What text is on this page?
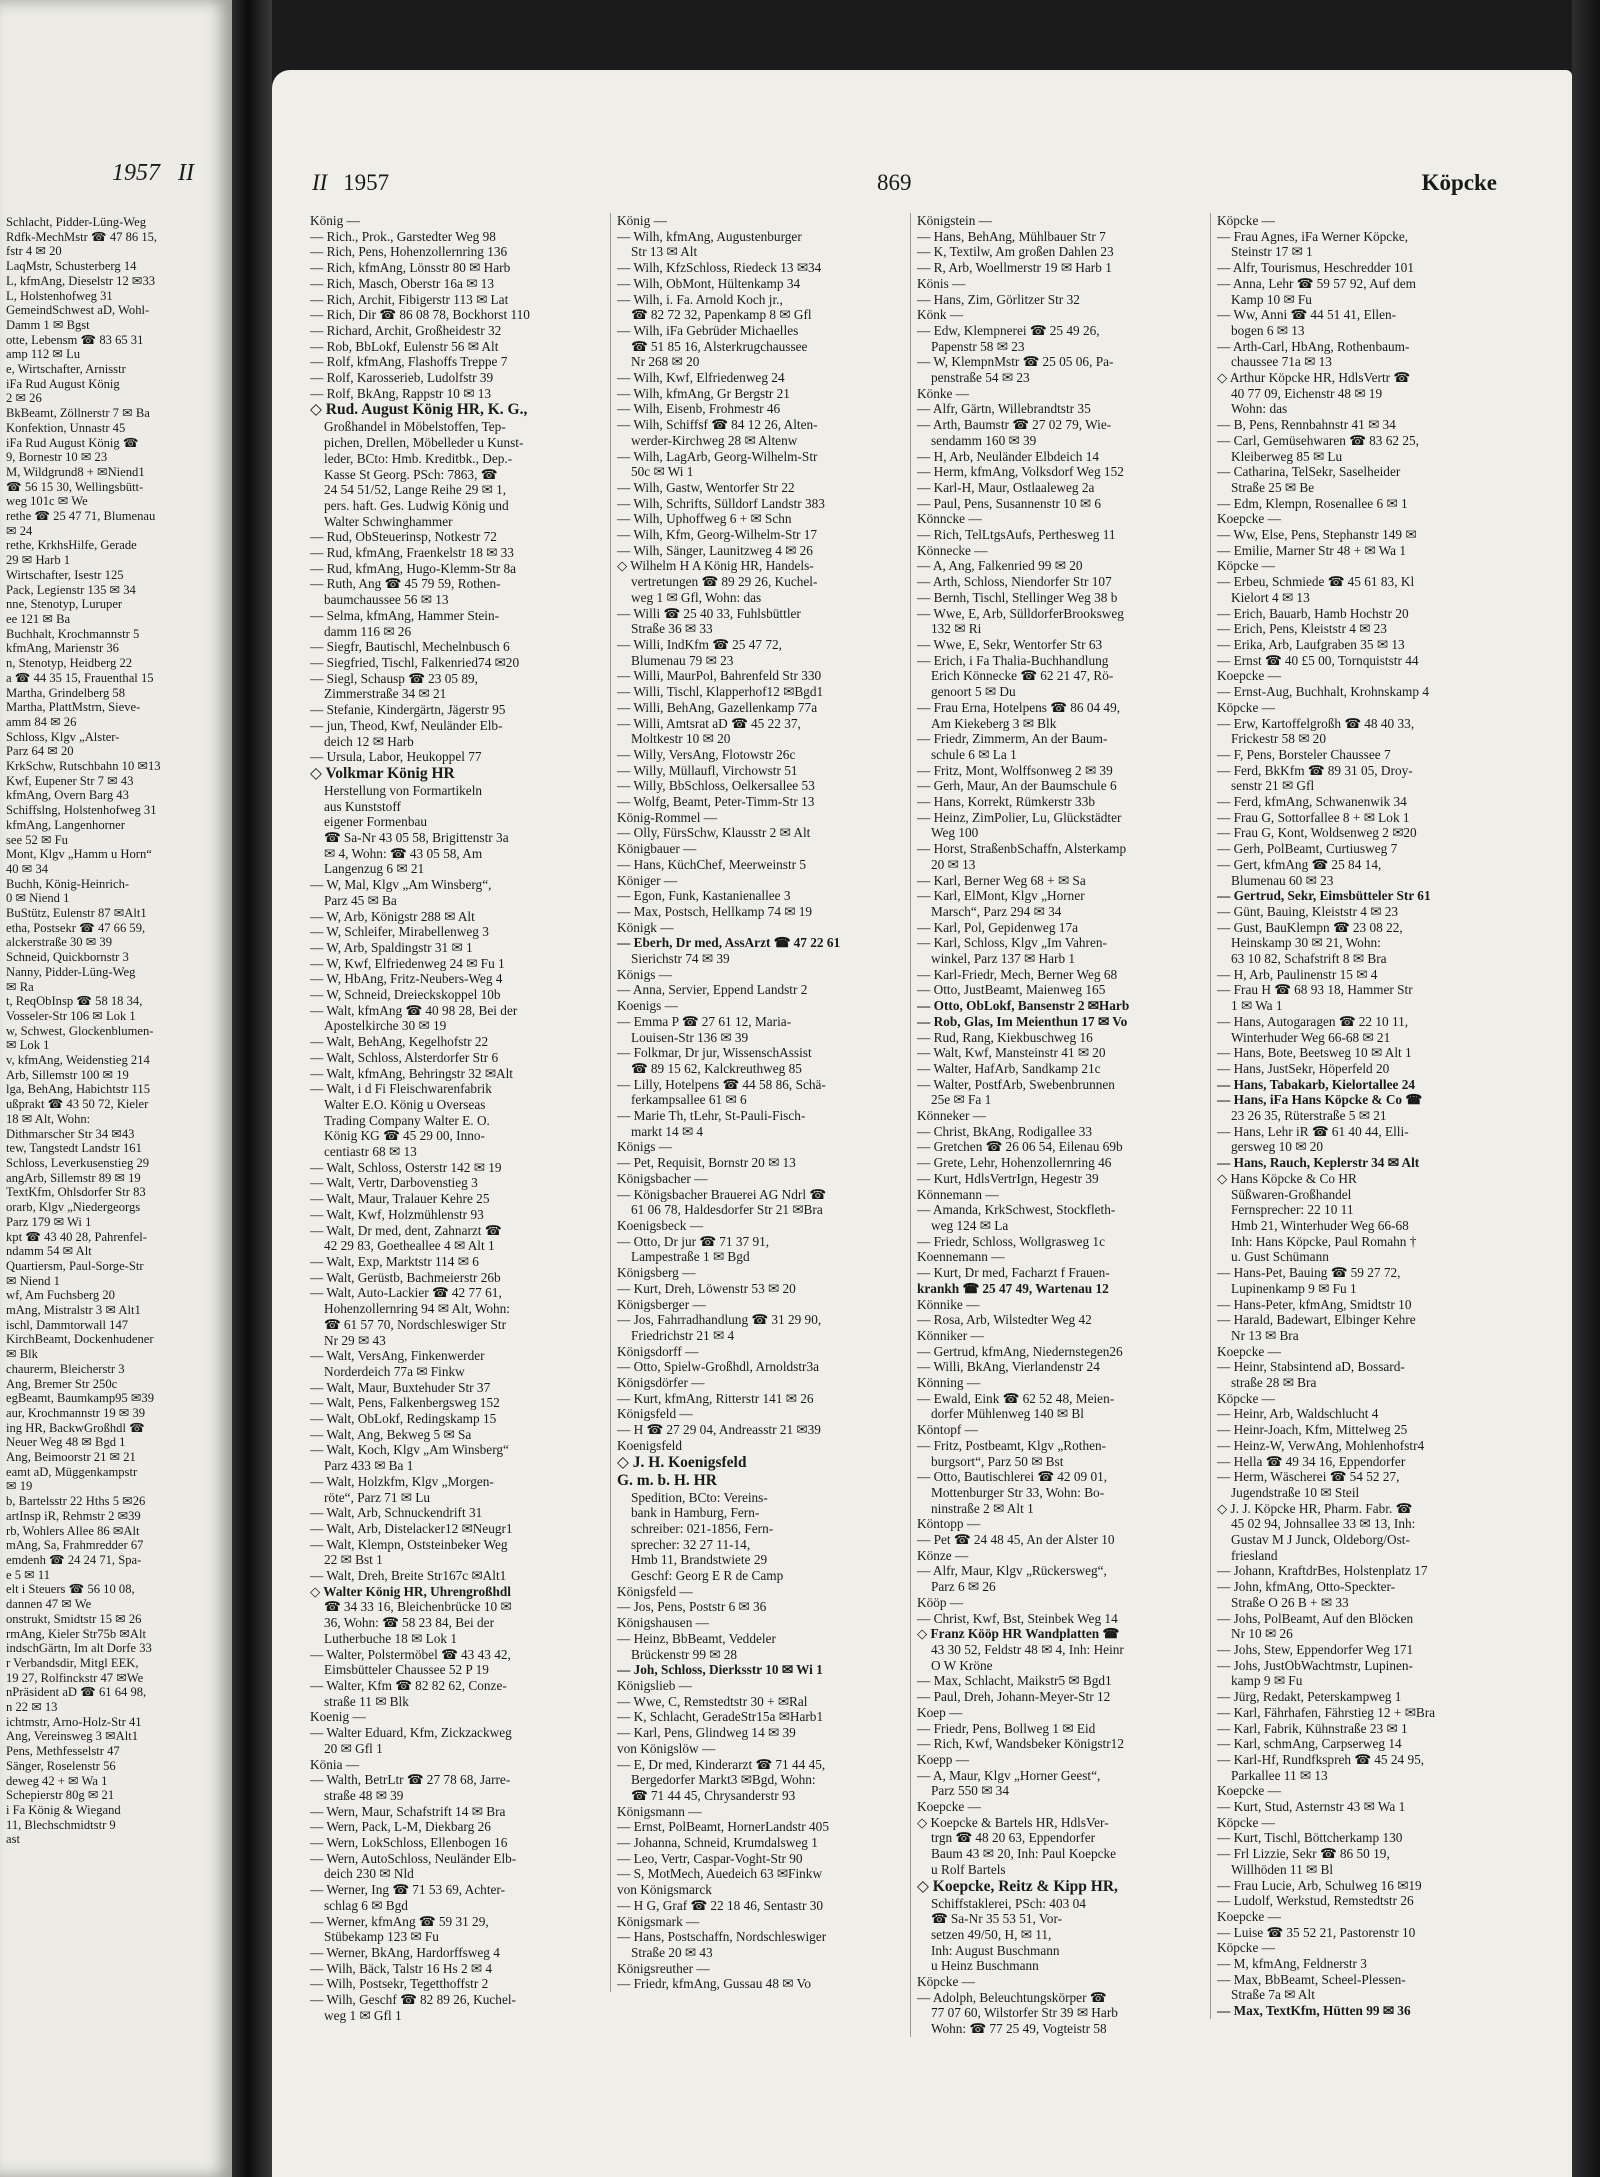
1957 II
Schlacht, Pidder-Lüng-Weg
Rdfk-MechMstr ☎ 47 86 15,
fstr 4 ✉ 20
LaqMstr, Schusterberg 14
L, kfmAng, Dieselstr 12 ✉33
L, Holstenhofweg 31
GemeindSchwest aD, Wohl-
Damm 1 ✉ Bgst
otte, Lebensm ☎ 83 65 31
amp 112 ✉ Lu
e, Wirtschafter, Arnisstr
iFa Rud August König
2 ✉ 26
BkBeamt, Zöllnerstr 7 ✉ Ba
Konfektion, Unnastr 45
iFa Rud August König ☎
9, Bornestr 10 ✉ 23
M, Wildgrund8 + ✉Niend1
☎ 56 15 30, Wellingsbütt-
weg 101c ✉ We
rethe ☎ 25 47 71, Blumenau
✉ 24
rethe, KrkhsHilfe, Gerade
29 ✉ Harb 1
Wirtschafter, Isestr 125
Pack, Legienstr 135 ✉ 34
nne, Stenotyp, Luruper
ee 121 ✉ Ba
Buchhalt, Krochmannstr 5
kfmAng, Marienstr 36
n, Stenotyp, Heidberg 22
a ☎ 44 35 15, Frauenthal 15
Martha, Grindelberg 58
Martha, PlattMstrn, Sieve-
amm 84 ✉ 26
Schloss, Klgv „Alster-
Parz 64 ✉ 20
KrkSchw, Rutschbahn 10 ✉13
Kwf, Eupener Str 7 ✉ 43
kfmAng, Overn Barg 43
Schiffslng, Holstenhofweg 31
kfmAng, Langenhorner
see 52 ✉ Fu
Mont, Klgv „Hamm u Horn“
40 ✉ 34
Buchh, König-Heinrich-
0 ✉ Niend 1
BuStütz, Eulenstr 87 ✉Alt1
etha, Postsekr ☎ 47 66 59,
alckerstraße 30 ✉ 39
Schneid, Quickbornstr 3
Nanny, Pidder-Lüng-Weg
✉ Ra
t, ReqObInsp ☎ 58 18 34,
Vosseler-Str 106 ✉ Lok 1
w, Schwest, Glockenblumen-
✉ Lok 1
v, kfmAng, Weidenstieg 214
Arb, Sillemstr 100 ✉ 19
lga, BehAng, Habichtstr 115
ußprakt ☎ 43 50 72, Kieler
18 ✉ Alt, Wohn:
Dithmarscher Str 34 ✉43
tew, Tangstedt Landstr 161
Schloss, Leverkusenstieg 29
angArb, Sillemstr 89 ✉ 19
TextKfm, Ohlsdorfer Str 83
orarb, Klgv „Niedergeorgs
Parz 179 ✉ Wi 1
kpt ☎ 43 40 28, Pahrenfel-
ndamm 54 ✉ Alt
Quartiersm, Paul-Sorge-Str
✉ Niend 1
wf, Am Fuchsberg 20
mAng, Mistralstr 3 ✉ Alt1
ischl, Dammtorwall 147
KirchBeamt, Dockenhudener
✉ Blk
chaurerm, Bleicherstr 3
Ang, Bremer Str 250c
egBeamt, Baumkamp95 ✉39
aur, Krochmannstr 19 ✉ 39
ing HR, BackwGroßhdl ☎
Neuer Weg 48 ✉ Bgd 1
Ang, Beimoorstr 21 ✉ 21
eamt aD, Müggenkampstr
✉ 19
b, Bartelsstr 22 Hths 5 ✉26
artInsp iR, Rehmstr 2 ✉39
rb, Wohlers Allee 86 ✉Alt
mAng, Sa, Frahmredder 67
emdenh ☎ 24 24 71, Spa-
e 5 ✉ 11
elt i Steuers ☎ 56 10 08,
dannen 47 ✉ We
onstrukt, Smidtstr 15 ✉ 26
rmAng, Kieler Str75b ✉Alt
indschGärtn, Im alt Dorfe 33
r Verbandsdir, Mitgl EEK,
19 27, Rolfinckstr 47 ✉We
nPräsident aD ☎ 61 64 98,
n 22 ✉ 13
ichtmstr, Arno-Holz-Str 41
Ang, Vereinsweg 3 ✉Alt1
Pens, Methfesselstr 47
Sänger, Roselenstr 56
deweg 42 + ✉ Wa 1
Schepierstr 80g ✉ 21
i Fa König & Wiegand
11, Blechschmidtstr 9
ast
II 1957	869	Köpcke
König —
— Rich., Prok., Garstedter Weg 98
— Rich, Pens, Hohenzollernring 136
— Rich, kfmAng, Lönsstr 80 ✉ Harb
— Rich, Masch, Oberstr 16a ✉ 13
— Rich, Archit, Fibigerstr 113 ✉ Lat
— Rich, Dir ☎ 86 08 78, Bockhorst 110
— Richard, Archit, Großheidestr 32
— Rob, BbLokf, Eulenstr 56 ✉ Alt
— Rolf, kfmAng, Flashoffs Treppe 7
— Rolf, Karosserieb, Ludolfstr 39
— Rolf, BkAng, Rappstr 10 ✉ 13
◇ Rud. August König HR, K. G.,
Großhandel in Möbelstoffen, Tep-
pichen, Drellen, Möbelleder u Kunst-
leder, BCto: Hmb. Kreditbk., Dep.-
Kasse St Georg. PSch: 7863, ☎
24 54 51/52, Lange Reihe 29 ✉ 1,
pers. haft. Ges. Ludwig König und
Walter Schwinghammer
— Rud, ObSteuerinsp, Notkestr 72
— Rud, kfmAng, Fraenkelstr 18 ✉ 33
— Rud, kfmAng, Hugo-Klemm-Str 8a
— Ruth, Ang ☎ 45 79 59, Rothen-
baumchaussee 56 ✉ 13
— Selma, kfmAng, Hammer Stein-
damm 116 ✉ 26
— Siegfr, Bautischl, Mechelnbusch 6
— Siegfried, Tischl, Falkenried74 ✉20
— Siegl, Schausp ☎ 23 05 89,
Zimmerstraße 34 ✉ 21
— Stefanie, Kindergärtn, Jägerstr 95
— jun, Theod, Kwf, Neuländer Elb-
deich 12 ✉ Harb
— Ursula, Labor, Heukoppel 77
◇ Volkmar König HR
Herstellung von Formartikeln
aus Kunststoff
eigener Formenbau
☎ Sa-Nr 43 05 58, Brigittenstr 3a
✉ 4, Wohn: ☎ 43 05 58, Am
Langenzug 6 ✉ 21
— W, Mal, Klgv „Am Winsberg“,
Parz 45 ✉ Ba
— W, Arb, Königstr 288 ✉ Alt
— W, Schleifer, Mirabellenweg 3
— W, Arb, Spaldingstr 31 ✉ 1
— W, Kwf, Elfriedenweg 24 ✉ Fu 1
— W, HbAng, Fritz-Neubers-Weg 4
— W, Schneid, Dreieckskoppel 10b
— Walt, kfmAng ☎ 40 98 28, Bei der
Apostelkirche 30 ✉ 19
— Walt, BehAng, Kegelhofstr 22
— Walt, Schloss, Alsterdorfer Str 6
— Walt, kfmAng, Behringstr 32 ✉Alt
— Walt, i d Fi Fleischwarenfabrik
Walter E.O. König u Overseas
Trading Company Walter E. O.
König KG ☎ 45 29 00, Inno-
centiastr 68 ✉ 13
— Walt, Schloss, Osterstr 142 ✉ 19
— Walt, Vertr, Darbovenstieg 3
— Walt, Maur, Tralauer Kehre 25
— Walt, Kwf, Holzmühlenstr 93
— Walt, Dr med, dent, Zahnarzt ☎
42 29 83, Goetheallee 4 ✉ Alt 1
— Walt, Exp, Marktstr 114 ✉ 6
— Walt, Gerüstb, Bachmeierstr 26b
— Walt, Auto-Lackier ☎ 42 77 61,
Hohenzollernring 94 ✉ Alt, Wohn:
☎ 61 57 70, Nordschleswiger Str
Nr 29 ✉ 43
— Walt, VersAng, Finkenwerder
Norderdeich 77a ✉ Finkw
— Walt, Maur, Buxtehuder Str 37
— Walt, Pens, Falkenbergsweg 152
— Walt, ObLokf, Redingskamp 15
— Walt, Ang, Bekweg 5 ✉ Sa
— Walt, Koch, Klgv „Am Winsberg“
Parz 433 ✉ Ba 1
— Walt, Holzkfm, Klgv „Morgen-
röte“, Parz 71 ✉ Lu
— Walt, Arb, Schnuckendrift 31
— Walt, Arb, Distelacker12 ✉Neugr1
— Walt, Klempn, Oststeinbeker Weg
22 ✉ Bst 1
— Walt, Dreh, Breite Str167c ✉Alt1
◇ Walter König HR, Uhrengroßhdl
☎ 34 33 16, Bleichenbrücke 10 ✉
36, Wohn: ☎ 58 23 84, Bei der
Lutherbuche 18 ✉ Lok 1
— Walter, Polstermöbel ☎ 43 43 42,
Eimsbütteler Chaussee 52 P 19
— Walter, Kfm ☎ 82 82 62, Conze-
straße 11 ✉ Blk
Koenig —
— Walter Eduard, Kfm, Zickzackweg
20 ✉ Gfl 1
Könia —
— Walth, BetrLtr ☎ 27 78 68, Jarre-
straße 48 ✉ 39
— Wern, Maur, Schafstrift 14 ✉ Bra
— Wern, Pack, L-M, Diekbarg 26
— Wern, LokSchloss, Ellenbogen 16
— Wern, AutoSchloss, Neuländer Elb-
deich 230 ✉ Nld
— Werner, Ing ☎ 71 53 69, Achter-
schlag 6 ✉ Bgd
— Werner, kfmAng ☎ 59 31 29,
Stübekamp 123 ✉ Fu
— Werner, BkAng, Hardorffsweg 4
— Wilh, Bäck, Talstr 16 Hs 2 ✉ 4
— Wilh, Postsekr, Tegetthoffstr 2
— Wilh, Geschf ☎ 82 89 26, Kuchel-
weg 1 ✉ Gfl 1
König —
— Wilh, kfmAng, Augustenburger
Str 13 ✉ Alt
— Wilh, KfzSchloss, Riedeck 13 ✉34
— Wilh, ObMont, Hültenkamp 34
— Wilh, i. Fa. Arnold Koch jr.,
☎ 82 72 32, Papenkamp 8 ✉ Gfl
— Wilh, iFa Gebrüder Michaelles
☎ 51 85 16, Alsterkrugchaussee
Nr 268 ✉ 20
— Wilh, Kwf, Elfriedenweg 24
— Wilh, kfmAng, Gr Bergstr 21
— Wilh, Eisenb, Frohmestr 46
— Wilh, Schiffsf ☎ 84 12 26, Alten-
werder-Kirchweg 28 ✉ Altenw
— Wilh, LagArb, Georg-Wilhelm-Str
50c ✉ Wi 1
— Wilh, Gastw, Wentorfer Str 22
— Wilh, Schrifts, Sülldorf Landstr 383
— Wilh, Uphoffweg 6 + ✉ Schn
— Wilh, Kfm, Georg-Wilhelm-Str 17
— Wilh, Sänger, Launitzweg 4 ✉ 26
◇ Wilhelm H A König HR, Handels-
vertretungen ☎ 89 29 26, Kuchel-
weg 1 ✉ Gfl, Wohn: das
— Willi ☎ 25 40 33, Fuhlsbüttler
Straße 36 ✉ 33
— Willi, IndKfm ☎ 25 47 72,
Blumenau 79 ✉ 23
— Willi, MaurPol, Bahrenfeld Str 330
— Willi, Tischl, Klapperhof12 ✉Bgd1
— Willi, BehAng, Gazellenkamp 77a
— Willi, Amtsrat aD ☎ 45 22 37,
Moltkestr 10 ✉ 20
— Willy, VersAng, Flotowstr 26c
— Willy, Müllaufl, Virchowstr 51
— Willy, BbSchloss, Oelkersallee 53
— Wolfg, Beamt, Peter-Timm-Str 13
König-Rommel —
— Olly, FürsSchw, Klausstr 2 ✉ Alt
Königbauer —
— Hans, KüchChef, Meerweinstr 5
Königer —
— Egon, Funk, Kastanienallee 3
— Max, Postsch, Hellkamp 74 ✉ 19
Königk —
— Eberh, Dr med, AssArzt ☎ 47 22 61
Sierichstr 74 ✉ 39
Königs —
— Anna, Servier, Eppend Landstr 2
Koenigs —
— Emma P ☎ 27 61 12, Maria-
Louisen-Str 136 ✉ 39
— Folkmar, Dr jur, WissenschAssist
☎ 89 15 62, Kalckreuthweg 85
— Lilly, Hotelpens ☎ 44 58 86, Schä-
ferkampsallee 61 ✉ 6
— Marie Th, tLehr, St-Pauli-Fisch-
markt 14 ✉ 4
Königs —
— Pet, Requisit, Bornstr 20 ✉ 13
Königsbacher —
— Königsbacher Brauerei AG Ndrl ☎
61 06 78, Haldesdorfer Str 21 ✉Bra
Koenigsbeck —
— Otto, Dr jur ☎ 71 37 91,
Lampestraße 1 ✉ Bgd
Königsberg —
— Kurt, Dreh, Löwenstr 53 ✉ 20
Königsberger —
— Jos, Fahrradhandlung ☎ 31 29 90,
Friedrichstr 21 ✉ 4
Königsdorff —
— Otto, Spielw-Großhdl, Arnoldstr3a
Königsdörfer —
— Kurt, kfmAng, Ritterstr 141 ✉ 26
Königsfeld —
— H ☎ 27 29 04, Andreasstr 21 ✉39
Koenigsfeld
◇ J. H. Koenigsfeld
G. m. b. H. HR
Spedition, BCto: Vereins-
bank in Hamburg, Fern-
schreiber: 021-1856, Fern-
sprecher: 32 27 11-14,
Hmb 11, Brandstwiete 29
Geschf: Georg E R de Camp
Königsfeld —
— Jos, Pens, Poststr 6 ✉ 36
Königshausen —
— Heinz, BbBeamt, Veddeler
Brückenstr 99 ✉ 28
— Joh, Schloss, Dierksstr 10 ✉ Wi 1
Königslieb —
— Wwe, C, Remstedtstr 30 + ✉Ral
— K, Schlacht, GeradeStr15a ✉Harb1
— Karl, Pens, Glindweg 14 ✉ 39
von Königslöw —
— E, Dr med, Kinderarzt ☎ 71 44 45,
Bergedorfer Markt3 ✉Bgd, Wohn:
☎ 71 44 45, Chrysanderstr 93
Königsmann —
— Ernst, PolBeamt, HornerLandstr 405
— Johanna, Schneid, Krumdalsweg 1
— Leo, Vertr, Caspar-Voght-Str 90
— S, MotMech, Auedeich 63 ✉Finkw
von Königsmarck
— H G, Graf ☎ 22 18 46, Sentastr 30
Königsmark —
— Hans, Postschaffn, Nordschleswiger
Straße 20 ✉ 43
Königsreuther —
— Friedr, kfmAng, Gussau 48 ✉ Vo
Königstein —
— Hans, BehAng, Mühlbauer Str 7
— K, Textilw, Am großen Dahlen 23
— R, Arb, Woellmerstr 19 ✉ Harb 1
Könis —
— Hans, Zim, Görlitzer Str 32
Könk —
— Edw, Klempnerei ☎ 25 49 26,
Papenstr 58 ✉ 23
— W, KlempnMstr ☎ 25 05 06, Pa-
penstraße 54 ✉ 23
Könke —
— Alfr, Gärtn, Willebrandtstr 35
— Arth, Baumstr ☎ 27 02 79, Wie-
sendamm 160 ✉ 39
— H, Arb, Neuländer Elbdeich 14
— Herm, kfmAng, Volksdorf Weg 152
— Karl-H, Maur, Ostlaaleweg 2a
— Paul, Pens, Susannenstr 10 ✉ 6
Könncke —
— Rich, TelLtgsAufs, Perthesweg 11
Könnecke —
— A, Ang, Falkenried 99 ✉ 20
— Arth, Schloss, Niendorfer Str 107
— Bernh, Tischl, Stellinger Weg 38 b
— Wwe, E, Arb, SülldorferBrooksweg
132 ✉ Ri
— Wwe, E, Sekr, Wentorfer Str 63
— Erich, i Fa Thalia-Buchhandlung
Erich Könnecke ☎ 62 21 47, Rö-
genoort 5 ✉ Du
— Frau Erna, Hotelpens ☎ 86 04 49,
Am Kiekeberg 3 ✉ Blk
— Friedr, Zimmerm, An der Baum-
schule 6 ✉ La 1
— Fritz, Mont, Wolffsonweg 2 ✉ 39
— Gerh, Maur, An der Baumschule 6
— Hans, Korrekt, Rümkerstr 33b
— Heinz, ZimPolier, Lu, Glückstädter
Weg 100
— Horst, StraßenbSchaffn, Alsterkamp
20 ✉ 13
— Karl, Berner Weg 68 + ✉ Sa
— Karl, ElMont, Klgv „Horner
Marsch“, Parz 294 ✉ 34
— Karl, Pol, Gepidenweg 17a
— Karl, Schloss, Klgv „Im Vahren-
winkel, Parz 137 ✉ Harb 1
— Karl-Friedr, Mech, Berner Weg 68
— Otto, JustBeamt, Maienweg 165
— Otto, ObLokf, Bansenstr 2 ✉Harb
— Rob, Glas, Im Meienthun 17 ✉ Vo
— Rud, Rang, Kiekbuschweg 16
— Walt, Kwf, Mansteinstr 41 ✉ 20
— Walter, HafArb, Sandkamp 21c
— Walter, PostfArb, Swebenbrunnen
25e ✉ Fa 1
Könneker —
— Christ, BkAng, Rodigallee 33
— Gretchen ☎ 26 06 54, Eilenau 69b
— Grete, Lehr, Hohenzollernring 46
— Kurt, HdlsVertrIgn, Hegestr 39
Könnemann —
— Amanda, KrkSchwest, Stockfleth-
weg 124 ✉ La
— Friedr, Schloss, Wollgrasweg 1c
Koennemann —
— Kurt, Dr med, Facharzt f Frauen-
krankh ☎ 25 47 49, Wartenau 12
Könnike —
— Rosa, Arb, Wilstedter Weg 42
Könniker —
— Gertrud, kfmAng, Niedernstegen26
— Willi, BkAng, Vierlandenstr 24
Könning —
— Ewald, Eink ☎ 62 52 48, Meien-
dorfer Mühlenweg 140 ✉ Bl
Köntopf —
— Fritz, Postbeamt, Klgv „Rothen-
burgsort“, Parz 50 ✉ Bst
— Otto, Bautischlerei ☎ 42 09 01,
Mottenburger Str 33, Wohn: Bo-
ninstraße 2 ✉ Alt 1
Köntopp —
— Pet ☎ 24 48 45, An der Alster 10
Könze —
— Alfr, Maur, Klgv „Rückersweg“,
Parz 6 ✉ 26
Kööp —
— Christ, Kwf, Bst, Steinbek Weg 14
◇ Franz Kööp HR Wandplatten ☎
43 30 52, Feldstr 48 ✉ 4, Inh: Heinr
O W Kröne
— Max, Schlacht, Maikstr5 ✉ Bgd1
— Paul, Dreh, Johann-Meyer-Str 12
Koep —
— Friedr, Pens, Bollweg 1 ✉ Eid
— Rich, Kwf, Wandsbeker Königstr12
Koepp —
— A, Maur, Klgv „Horner Geest“,
Parz 550 ✉ 34
Koepcke —
◇ Koepcke & Bartels HR, HdlsVer-
trgn ☎ 48 20 63, Eppendorfer
Baum 43 ✉ 20, Inh: Paul Koepcke
u Rolf Bartels
◇ Koepcke, Reitz & Kipp HR,
Schiffstaklerei, PSch: 403 04
☎ Sa-Nr 35 53 51, Vor-
setzen 49/50, H, ✉ 11,
Inh: August Buschmann
u Heinz Buschmann
Köpcke —
— Adolph, Beleuchtungskörper ☎
77 07 60, Wilstorfer Str 39 ✉ Harb
Wohn: ☎ 77 25 49, Vogteistr 58
Köpcke —
— Frau Agnes, iFa Werner Köpcke,
Steinstr 17 ✉ 1
— Alfr, Tourismus, Heschredder 101
— Anna, Lehr ☎ 59 57 92, Auf dem
Kamp 10 ✉ Fu
— Ww, Anni ☎ 44 51 41, Ellen-
bogen 6 ✉ 13
— Arth-Carl, HbAng, Rothenbaum-
chaussee 71a ✉ 13
◇ Arthur Köpcke HR, HdlsVertr ☎
40 77 09, Eichenstr 48 ✉ 19
Wohn: das
— B, Pens, Rennbahnstr 41 ✉ 34
— Carl, Gemüsehwaren ☎ 83 62 25,
Kleiberweg 85 ✉ Lu
— Catharina, TelSekr, Saselheider
Straße 25 ✉ Be
— Edm, Klempn, Rosenallee 6 ✉ 1
Koepcke —
— Ww, Else, Pens, Stephanstr 149 ✉
— Emilie, Marner Str 48 + ✉ Wa 1
Köpcke —
— Erbeu, Schmiede ☎ 45 61 83, Kl
Kielort 4 ✉ 13
— Erich, Bauarb, Hamb Hochstr 20
— Erich, Pens, Kleiststr 4 ✉ 23
— Erika, Arb, Laufgraben 35 ✉ 13
— Ernst ☎ 40 £5 00, Tornquiststr 44
Koepcke —
— Ernst-Aug, Buchhalt, Krohnskamp 4
Köpcke —
— Erw, Kartoffelgroßh ☎ 48 40 33,
Frickestr 58 ✉ 20
— F, Pens, Borsteler Chaussee 7
— Ferd, BkKfm ☎ 89 31 05, Droy-
senstr 21 ✉ Gfl
— Ferd, kfmAng, Schwanenwik 34
— Frau G, Sottorfallee 8 + ✉ Lok 1
— Frau G, Kont, Woldsenweg 2 ✉20
— Gerh, PolBeamt, Curtiusweg 7
— Gert, kfmAng ☎ 25 84 14,
Blumenau 60 ✉ 23
— Gertrud, Sekr, Eimsbütteler Str 61
— Günt, Bauing, Kleiststr 4 ✉ 23
— Gust, BauKlempn ☎ 23 08 22,
Heinskamp 30 ✉ 21, Wohn:
63 10 82, Schafstrift 8 ✉ Bra
— H, Arb, Paulinenstr 15 ✉ 4
— Frau H ☎ 68 93 18, Hammer Str
1 ✉ Wa 1
— Hans, Autogaragen ☎ 22 10 11,
Winterhuder Weg 66-68 ✉ 21
— Hans, Bote, Beetsweg 10 ✉ Alt 1
— Hans, JustSekr, Höperfeld 20
— Hans, Tabakarb, Kielortallee 24
— Hans, iFa Hans Köpcke & Co ☎
23 26 35, Rüterstraße 5 ✉ 21
— Hans, Lehr iR ☎ 61 40 44, Elli-
gersweg 10 ✉ 20
— Hans, Rauch, Keplerstr 34 ✉ Alt
◇ Hans Köpcke & Co HR
Süßwaren-Großhandel
Fernsprecher: 22 10 11
Hmb 21, Winterhuder Weg 66-68
Inh: Hans Köpcke, Paul Romahn †
u. Gust Schümann
— Hans-Pet, Bauing ☎ 59 27 72,
Lupinenkamp 9 ✉ Fu 1
— Hans-Peter, kfmAng, Smidtstr 10
— Harald, Badewart, Elbinger Kehre
Nr 13 ✉ Bra
Koepcke —
— Heinr, Stabsintend aD, Bossard-
straße 28 ✉ Bra
Köpcke —
— Heinr, Arb, Waldschlucht 4
— Heinr-Joach, Kfm, Mittelweg 25
— Heinz-W, VerwAng, Mohlenhofstr4
— Hella ☎ 49 34 16, Eppendorfer
— Herm, Wäscherei ☎ 54 52 27,
Jugendstraße 10 ✉ Steil
◇ J. J. Köpcke HR, Pharm. Fabr. ☎
45 02 94, Johnsallee 33 ✉ 13, Inh:
Gustav M J Junck, Oldeborg/Ost-
friesland
— Johann, KraftdrBes, Holstenplatz 17
— John, kfmAng, Otto-Speckter-
Straße O 26 B + ✉ 33
— Johs, PolBeamt, Auf den Blöcken
Nr 10 ✉ 26
— Johs, Stew, Eppendorfer Weg 171
— Johs, JustObWachtmstr, Lupinen-
kamp 9 ✉ Fu
— Jürg, Redakt, Peterskampweg 1
— Karl, Fährhafen, Fährstieg 12 + ✉Bra
— Karl, Fabrik, Kühnstraße 23 ✉ 1
— Karl, schmAng, Carpserweg 14
— Karl-Hf, Rundfkspreh ☎ 45 24 95,
Parkallee 11 ✉ 13
Koepcke —
— Kurt, Stud, Asternstr 43 ✉ Wa 1
Köpcke —
— Kurt, Tischl, Böttcherkamp 130
— Frl Lizzie, Sekr ☎ 86 50 19,
Willhöden 11 ✉ Bl
— Frau Lucie, Arb, Schulweg 16 ✉19
— Ludolf, Werkstud, Remstedtstr 26
Koepcke —
— Luise ☎ 35 52 21, Pastorenstr 10
Köpcke —
— M, kfmAng, Feldnerstr 3
— Max, BbBeamt, Scheel-Plessen-
Straße 7a ✉ Alt
— Max, TextKfm, Hütten 99 ✉ 36
